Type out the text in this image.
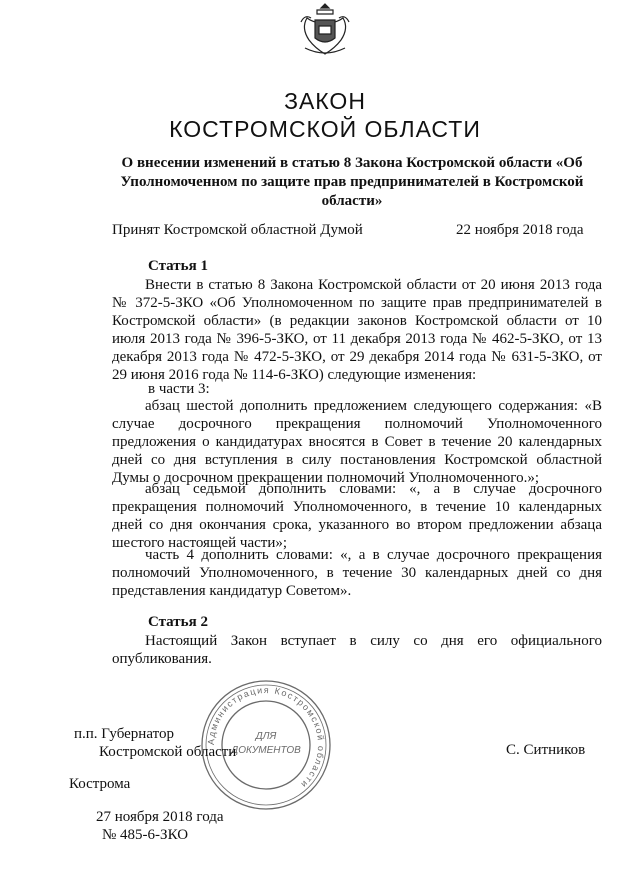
ЗАКОН
КОСТРОМСКОЙ ОБЛАСТИ
О внесении изменений в статью 8 Закона Костромской области «Об Уполномоченном по защите прав предпринимателей в Костромской области»
Принят Костромской областной Думой	22 ноября 2018 года
Статья 1
Внести в статью 8 Закона Костромской области от 20 июня 2013 года № 372-5-ЗКО «Об Уполномоченном по защите прав предпринимателей в Костромской области» (в редакции законов Костромской области от 10 июля 2013 года № 396-5-ЗКО, от 11 декабря 2013 года № 462-5-ЗКО, от 13 декабря 2013 года № 472-5-ЗКО, от 29 декабря 2014 года № 631-5-ЗКО, от 29 июня 2016 года № 114-6-ЗКО) следующие изменения:
в части 3:
абзац шестой дополнить предложением следующего содержания: «В случае досрочного прекращения полномочий Уполномоченного предложения о кандидатурах вносятся в Совет в течение 20 календарных дней со дня вступления в силу постановления Костромской областной Думы о досрочном прекращении полномочий Уполномоченного.»;
абзац седьмой дополнить словами: «, а в случае досрочного прекращения полномочий Уполномоченного, в течение 10 календарных дней со дня окончания срока, указанного во втором предложении абзаца шестого настоящей части»;
часть 4 дополнить словами: «, а в случае досрочного прекращения полномочий Уполномоченного, в течение 30 календарных дней со дня представления кандидатур Советом».
Статья 2
Настоящий Закон вступает в силу со дня его официального опубликования.
Администрация Костромской области
ДЛЯ
ДОКУМЕНТОВ
п.п. Губернатор
Костромской области	С. Ситников
Кострома
27 ноября 2018 года
№ 485-6-ЗКО
